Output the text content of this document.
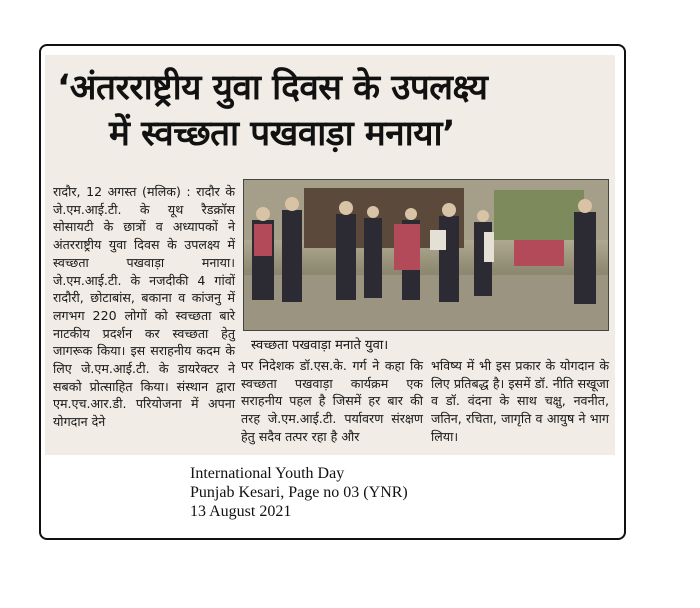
‘अंतरराष्ट्रीय युवा दिवस के उपलक्ष्य
में स्वच्छता पखवाड़ा मनाया’
रादौर, 12 अगस्त (मलिक) : रादौर के जे.एम.आई.टी. के यूथ रैडक्रॉस सोसायटी के छात्रों व अध्यापकों ने अंतरराष्ट्रीय युवा दिवस के उपलक्ष्य में स्वच्छता पखवाड़ा मनाया। जे.एम.आई.टी. के नजदीकी 4 गांवों रादौरी, छोटाबांस, बकाना व कांजनु में लगभग 220 लोगों को स्वच्छता बारे नाटकीय प्रदर्शन कर स्वच्छता हेतु जागरूक किया। इस सराहनीय कदम के लिए जे.एम.आई.टी. के डायरेक्टर ने सबको प्रोत्साहित किया। संस्थान द्वारा एम.एच.आर.डी. परियोजना में अपना योगदान देने
स्वच्छता पखवाड़ा मनाते युवा।
पर निदेशक डॉ.एस.के. गर्ग ने कहा कि स्वच्छता पखवाड़ा कार्यक्रम एक सराहनीय पहल है जिसमें हर बार की तरह जे.एम.आई.टी. पर्यावरण संरक्षण हेतु सदैव तत्पर रहा है और
भविष्य में भी इस प्रकार के योगदान के लिए प्रतिबद्ध है। इसमें डॉ. नीति सखूजा व डॉ. वंदना के साथ चक्षु, नवनीत, जतिन, रचिता, जागृति व आयुष ने भाग लिया।
International Youth Day
Punjab Kesari, Page no 03 (YNR)
13 August 2021
